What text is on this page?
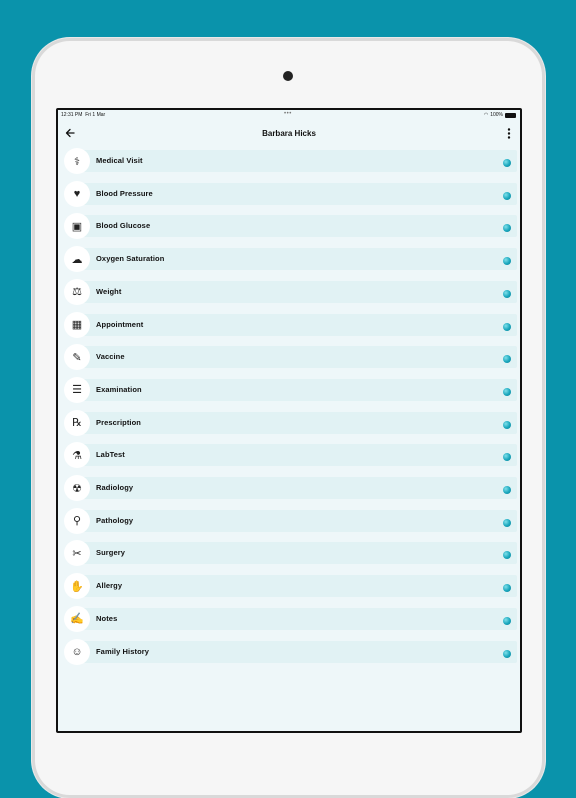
12:31 PM Fri 1 Mar	•••	◠ 100%
Barbara Hicks
⚕	Medical Visit
♥	Blood Pressure
▣	Blood Glucose
☁	Oxygen Saturation
⚖	Weight
▦	Appointment
✎	Vaccine
☰	Examination
℞	Prescription
⚗	LabTest
☢	Radiology
⚲	Pathology
✂	Surgery
✋	Allergy
✍	Notes
☺	Family History
